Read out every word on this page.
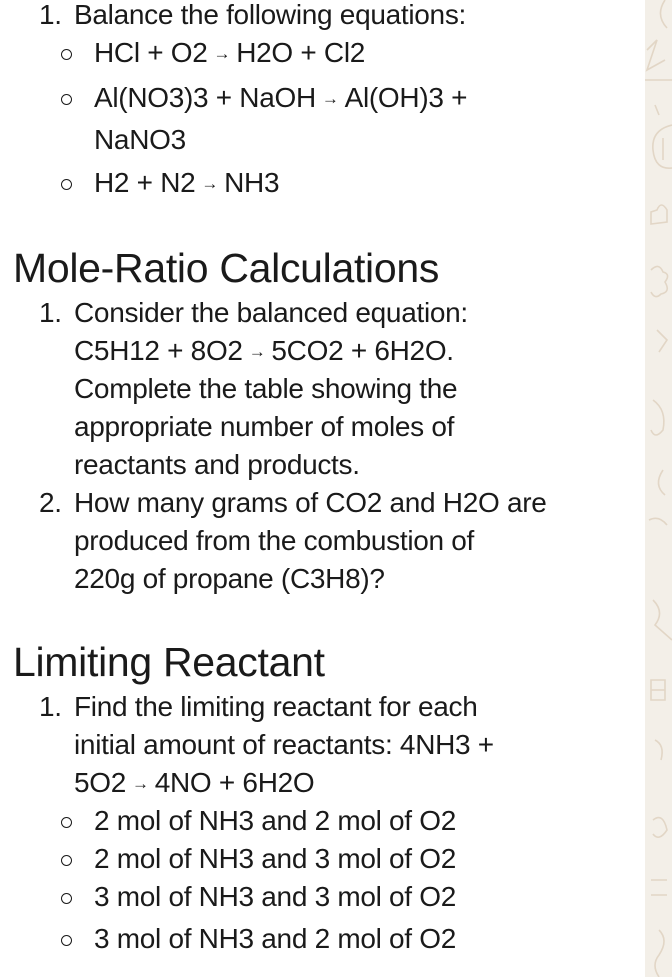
1. Balance the following equations:
HCl + O2 → H2O + Cl2
Al(NO3)3 + NaOH → Al(OH)3 +
NaNO3
H2 + N2 → NH3
Mole-Ratio Calculations
1. Consider the balanced equation:
C5H12 + 8O2 → 5CO2 + 6H2O.
Complete the table showing the
appropriate number of moles of
reactants and products.
2. How many grams of CO2 and H2O are
produced from the combustion of
220g of propane (C3H8)?
Limiting Reactant
1. Find the limiting reactant for each
initial amount of reactants: 4NH3 +
5O2 → 4NO + 6H2O
2 mol of NH3 and 2 mol of O2
2 mol of NH3 and 3 mol of O2
3 mol of NH3 and 3 mol of O2
3 mol of NH3 and 2 mol of O2
